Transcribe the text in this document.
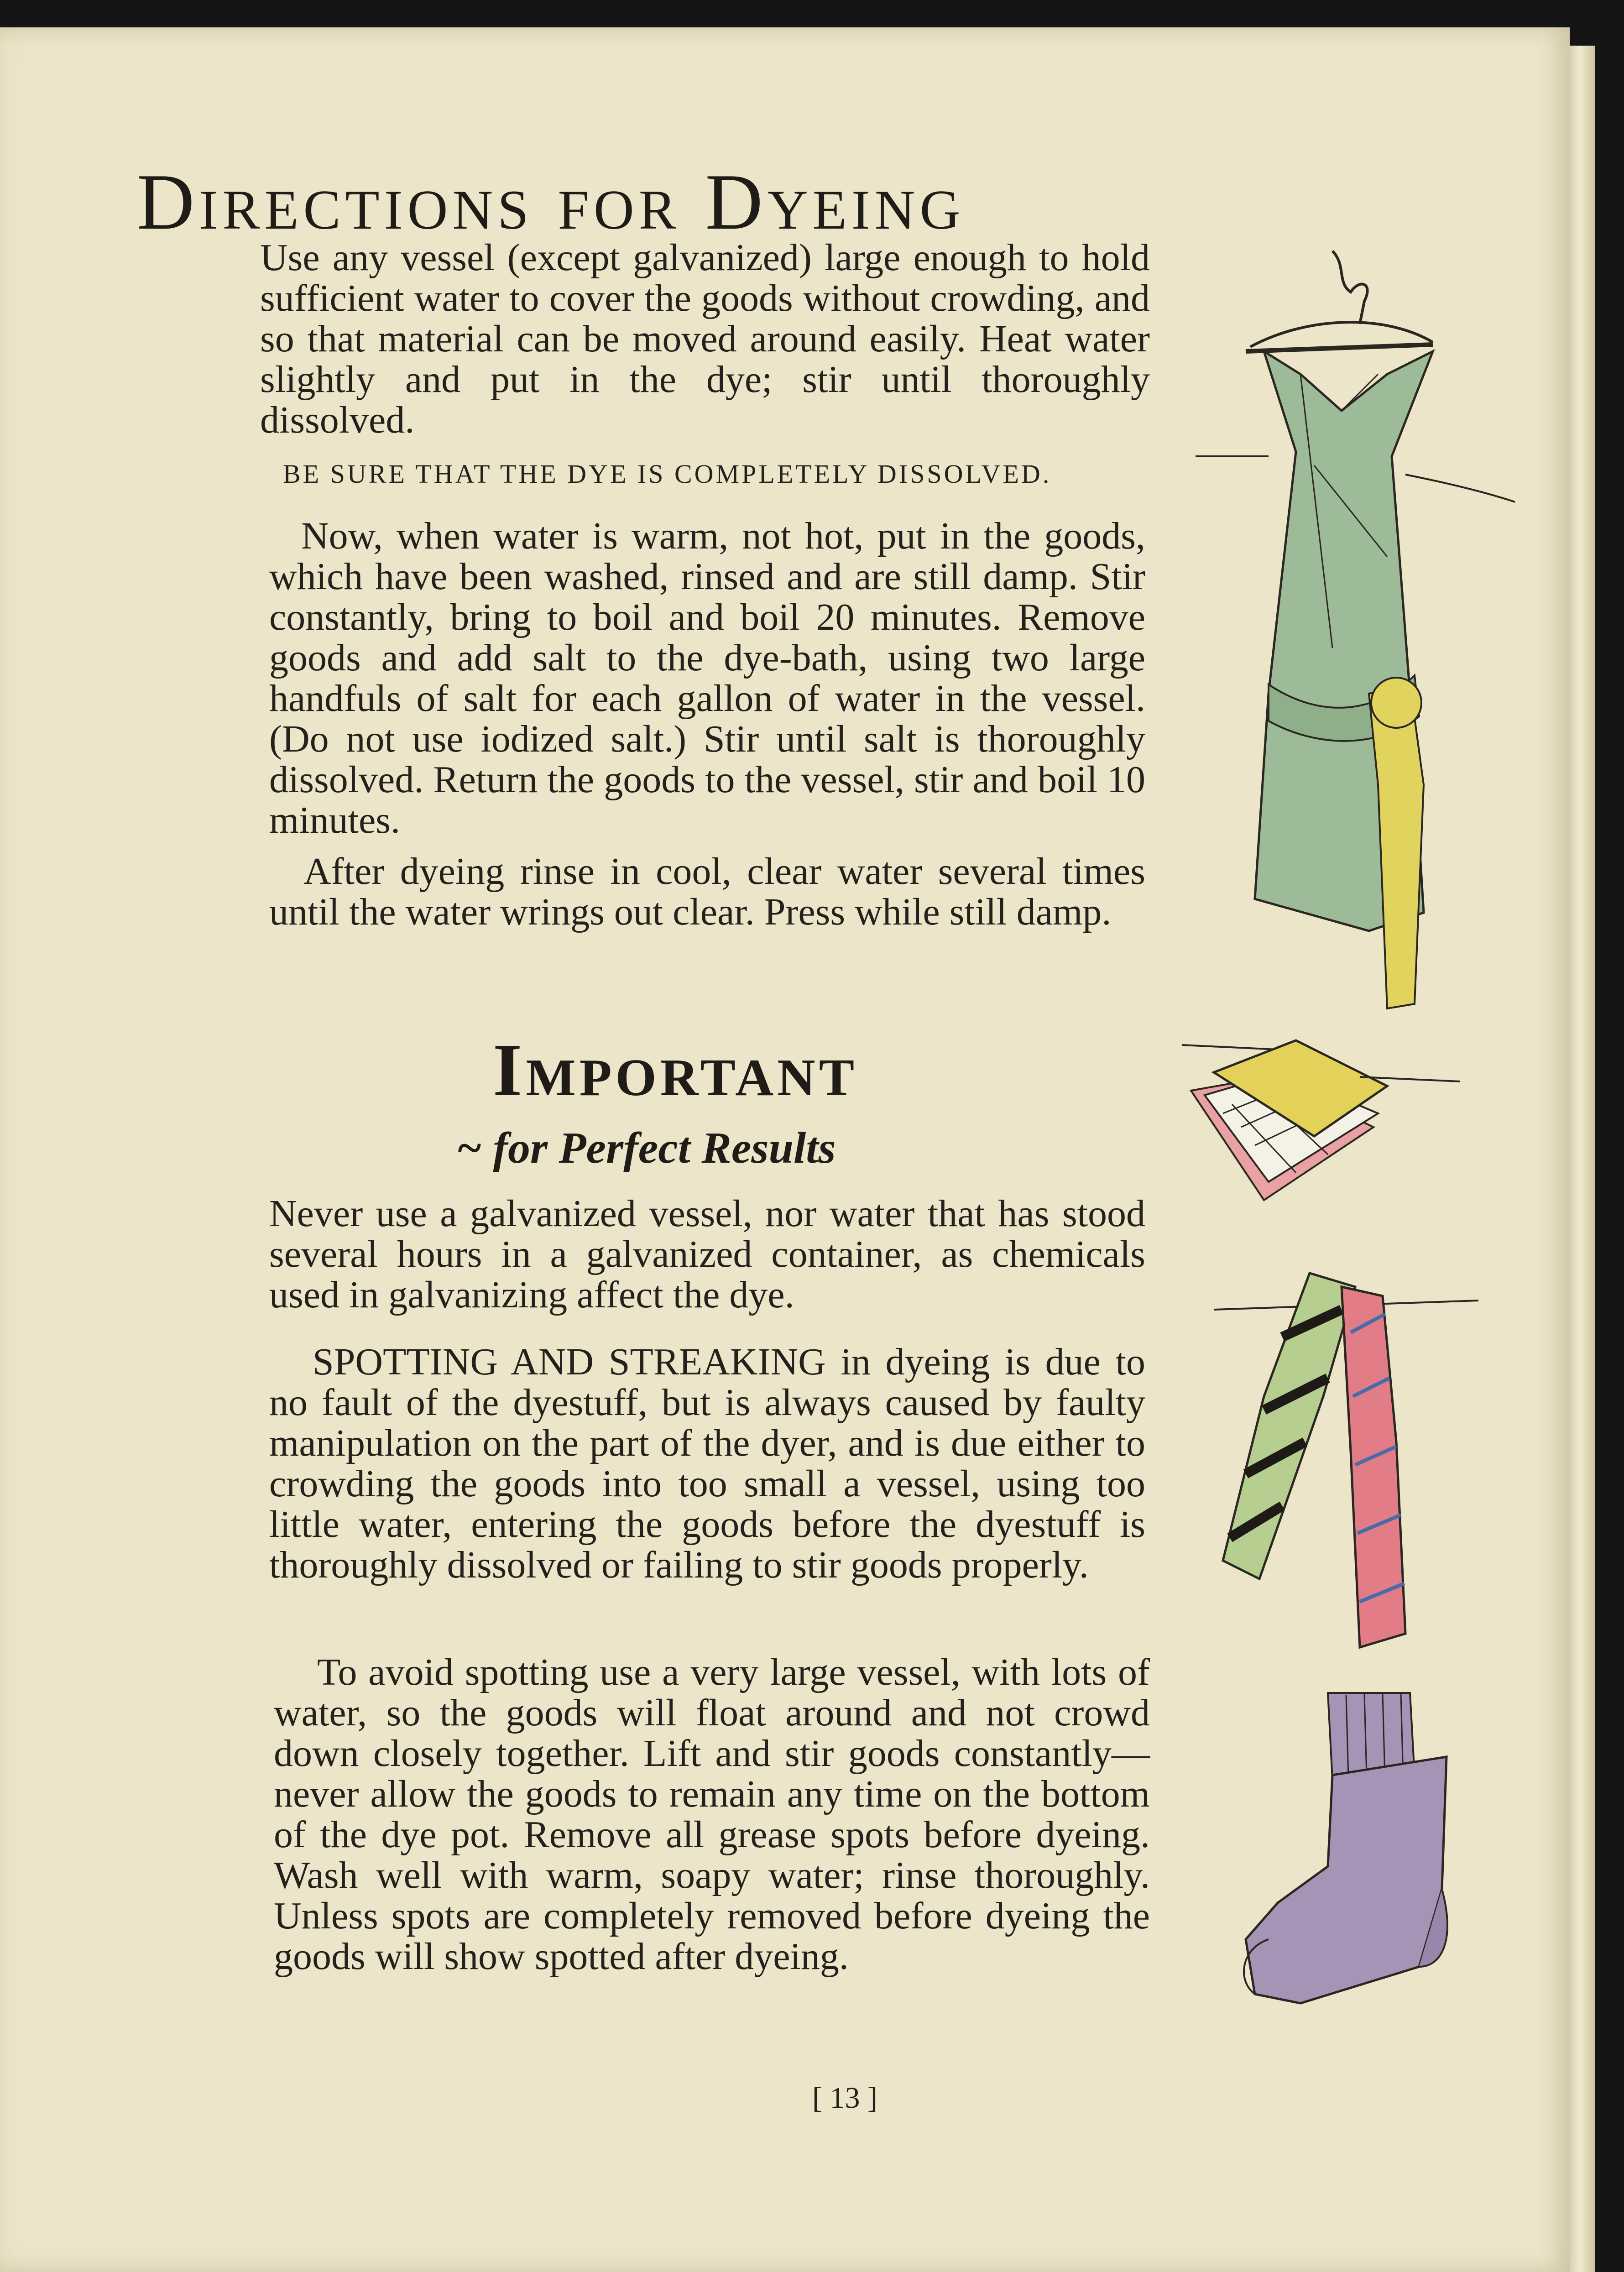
Directions for Dyeing

Use any vessel (except galvanized) large enough to hold sufficient water to cover the goods without crowding, and so that material can be moved around easily. Heat water slightly and put in the dye; stir until thoroughly dissolved.

BE SURE THAT THE DYE IS COMPLETELY DISSOLVED.

Now, when water is warm, not hot, put in the goods, which have been washed, rinsed and are still damp. Stir constantly, bring to boil and boil 20 minutes. Remove goods and add salt to the dye-bath, using two large handfuls of salt for each gallon of water in the vessel. (Do not use iodized salt.) Stir until salt is thoroughly dissolved. Return the goods to the vessel, stir and boil 10 minutes.

After dyeing rinse in cool, clear water several times until the water wrings out clear. Press while still damp.

Important

~ for Perfect Results

Never use a galvanized vessel, nor water that has stood several hours in a galvanized container, as chemicals used in galvanizing affect the dye.

SPOTTING AND STREAKING in dyeing is due to no fault of the dyestuff, but is always caused by faulty manipulation on the part of the dyer, and is due either to crowding the goods into too small a vessel, using too little water, entering the goods before the dyestuff is thoroughly dissolved or failing to stir goods properly.

To avoid spotting use a very large vessel, with lots of water, so the goods will float around and not crowd down closely together. Lift and stir goods constantly—never allow the goods to remain any time on the bottom of the dye pot. Remove all grease spots before dyeing. Wash well with warm, soapy water; rinse thoroughly. Unless spots are completely removed before dyeing the goods will show spotted after dyeing.

[ 13 ]
